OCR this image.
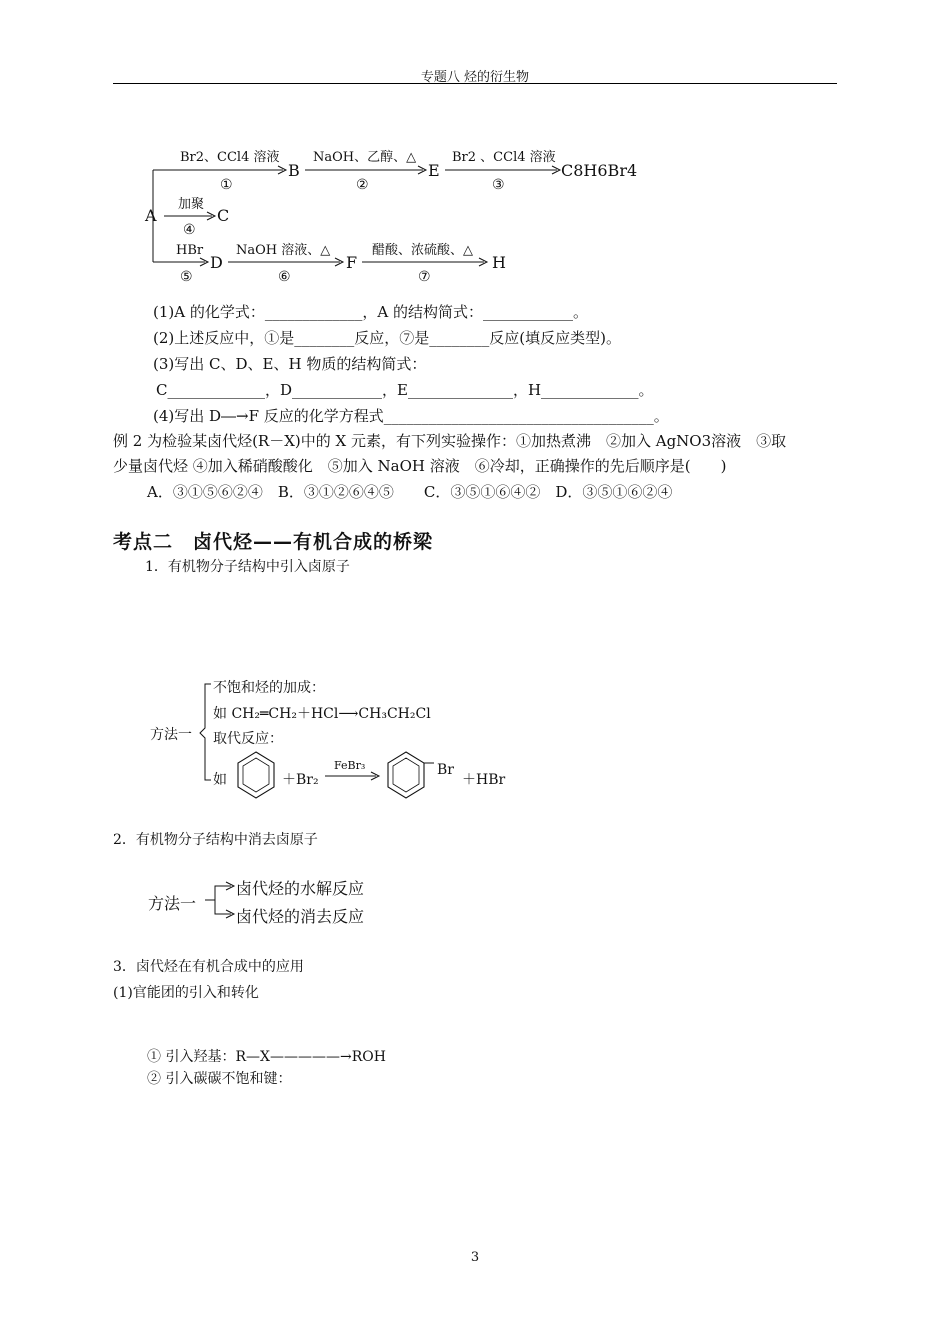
专题八 烃的衍生物
A
B	E	C8H6Br4
C
D	F	H
Br2、CCl4 溶液
①
NaOH、乙醇、△
②
Br2 、CCl4 溶液
③
加聚
④
HBr
⑤
NaOH 溶液、△
⑥
醋酸、浓硫酸、△
⑦
(1)A 的化学式：_____________，A 的结构简式：____________。
(2)上述反应中，①是________反应，⑦是________反应(填反应类型)。
(3)写出 C、D、E、H 物质的结构简式：
C_____________，D____________，E______________，H_____________。
(4)写出 D―→F 反应的化学方程式____________________________________。
例 2 为检验某卤代烃(R－X)中的 X 元素，有下列实验操作：①加热煮沸　②加入 AgNO3溶液　③取
少量卤代烃 ④加入稀硝酸酸化　⑤加入 NaOH 溶液　⑥冷却，正确操作的先后顺序是(　　)
A．③①⑤⑥②④　B．③①②⑥④⑤　　C．③⑤①⑥④②　D．③⑤①⑥②④
考点二　卤代烃——有机合成的桥梁
1．有机物分子结构中引入卤原子
方法一
不饱和烃的加成：
如 CH₂═CH₂＋HCl⟶CH₃CH₂Cl
取代反应：
如	＋Br₂
FeBr₃	Br
＋HBr
2．有机物分子结构中消去卤原子
方法一
卤代烃的水解反应
卤代烃的消去反应
3．卤代烃在有机合成中的应用
(1)官能团的引入和转化
① 引入羟基：R—X—————→ROH
② 引入碳碳不饱和键：
3
